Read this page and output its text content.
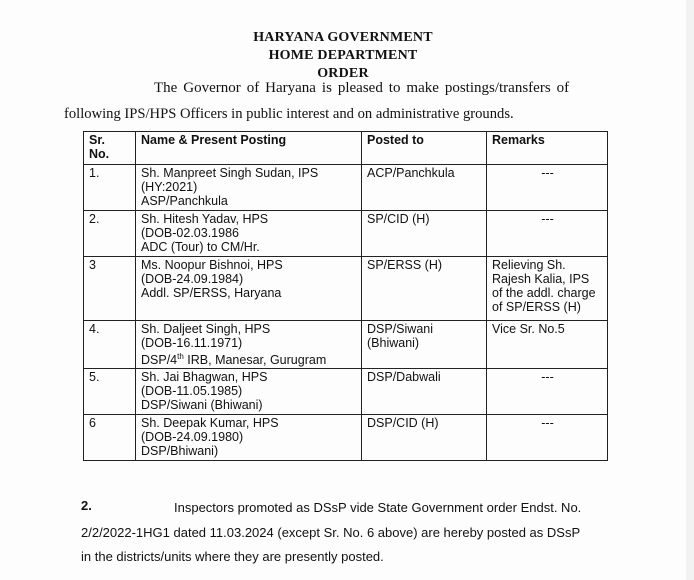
HARYANA GOVERNMENT
HOME DEPARTMENT
ORDER
The Governor of Haryana is pleased to make postings/transfers of
following IPS/HPS Officers in public interest and on administrative grounds.
Sr.
No.	Name & Present Posting	Posted to	Remarks
1.	Sh. Manpreet Singh Sudan, IPS
(HY:2021)
ASP/Panchkula	ACP/Panchkula	---

2.	Sh. Hitesh Yadav, HPS
(DOB-02.03.1986
ADC (Tour) to CM/Hr.	SP/CID (H)	---

3	Ms. Noopur Bishnoi, HPS
(DOB-24.09.1984)
Addl. SP/ERSS, Haryana	SP/ERSS (H)	Relieving Sh.
Rajesh Kalia, IPS
of the addl. charge
of SP/ERSS (H)

4.	Sh. Daljeet Singh, HPS
(DOB-16.11.1971)
DSP/4th IRB, Manesar, Gurugram	DSP/Siwani
(Bhiwani)	Vice Sr. No.5

5.	Sh. Jai Bhagwan, HPS
(DOB-11.05.1985)
DSP/Siwani (Bhiwani)	DSP/Dabwali	---

6	Sh. Deepak Kumar, HPS
(DOB-24.09.1980)
DSP/Bhiwani)	DSP/CID (H)	---
2.	Inspectors promoted as DSsP vide State Government order Endst. No.
2/2/2022-1HG1 dated 11.03.2024 (except Sr. No. 6 above) are hereby posted as DSsP
in the districts/units where they are presently posted.
